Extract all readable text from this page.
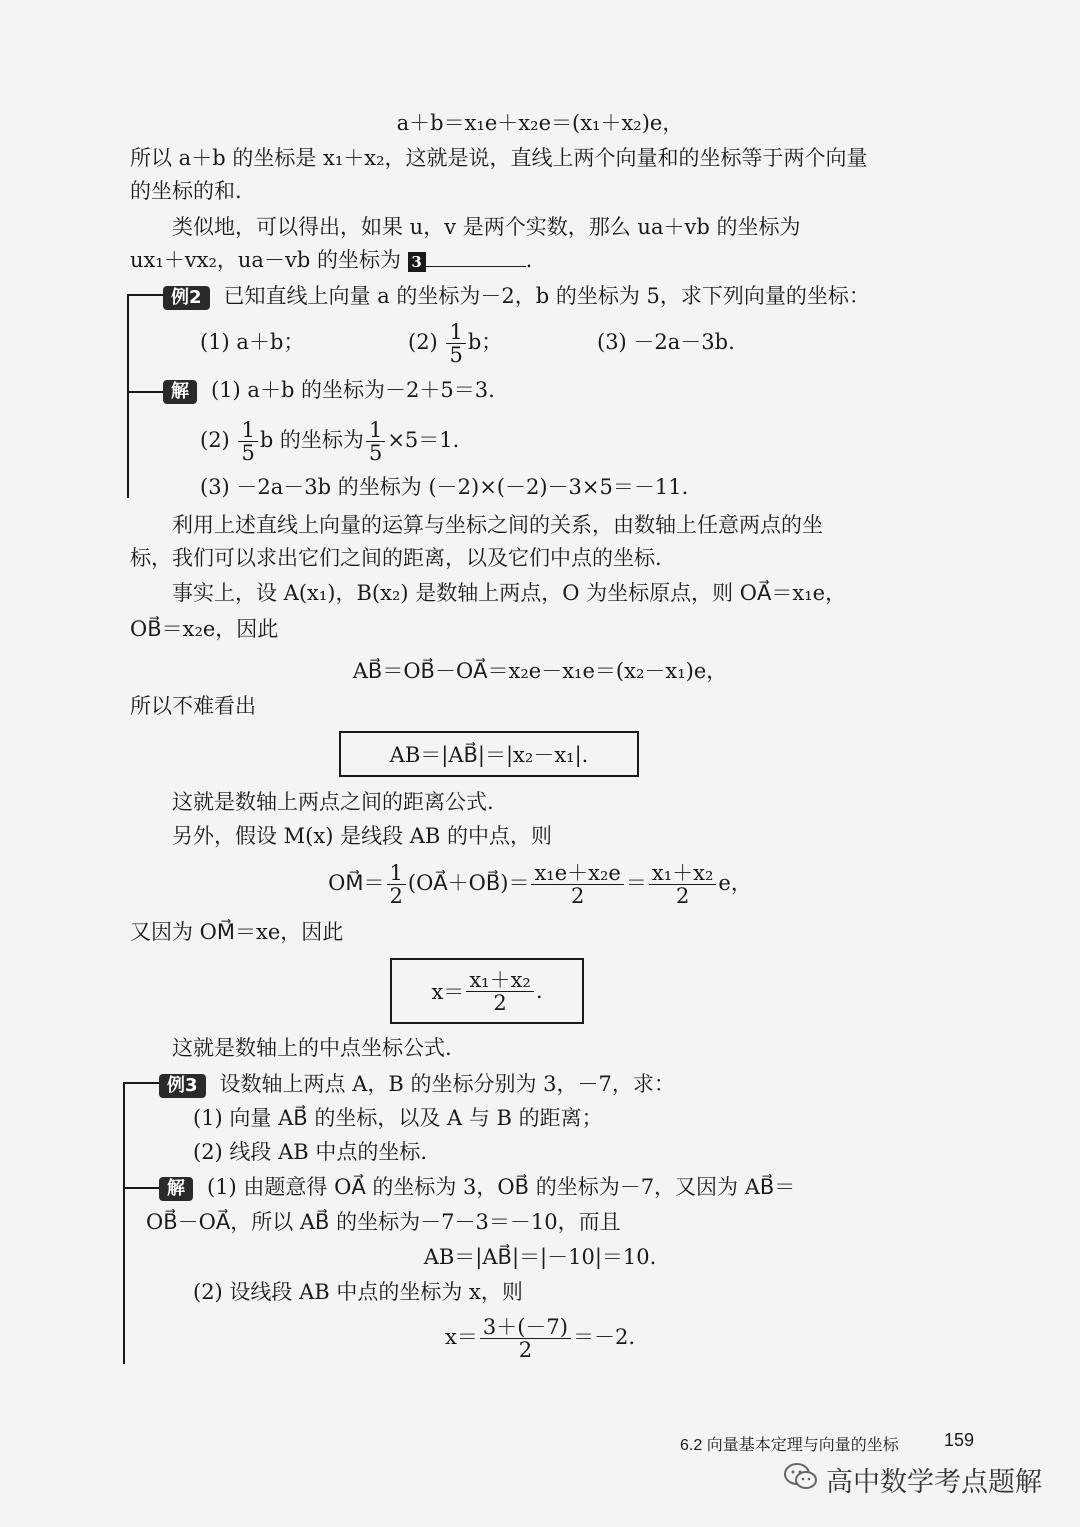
a＋b＝x₁e＋x₂e＝(x₁＋x₂)e，
所以 a＋b 的坐标是 x₁＋x₂，这就是说，直线上两个向量和的坐标等于两个向量
的坐标的和.
类似地，可以得出，如果 u，v 是两个实数，那么 ua＋vb 的坐标为
ux₁＋vx₂，ua－vb 的坐标为 3	.
例2 已知直线上向量 a 的坐标为－2，b 的坐标为 5，求下列向量的坐标：
(1) a＋b；	$(2) \frac{1}{5}$ b；	(3) －2a－3b.
解 (1) a＋b 的坐标为－2＋5＝3.
$(2) \frac{1}{5}$ b 的坐标为 $\frac{1}{5} \times 5=1$.
(3) －2a－3b 的坐标为 (－2)×(－2)－3×5＝－11.
利用上述直线上向量的运算与坐标之间的关系，由数轴上任意两点的坐
标，我们可以求出它们之间的距离，以及它们中点的坐标.
事实上，设 A(x₁)，B(x₂) 是数轴上两点，O 为坐标原点，则 OA⃗＝x₁e，
OB⃗＝x₂e，因此
AB⃗＝OB⃗－OA⃗＝x₂e－x₁e＝(x₂－x₁)e，
所以不难看出
AB＝|AB⃗|＝|x₂－x₁|.
这就是数轴上两点之间的距离公式.
另外，假设 M(x) 是线段 AB 的中点，则
OM⃗＝ $\frac{1}{2}$ (OA⃗＋OB⃗)＝ $\frac{\text{x₁e＋x₂e}}{2} = \frac{\text{x₁＋x₂}}{2}$ e，
又因为 OM⃗＝xe，因此
$x= \frac{\text{x₁＋x₂}}{2}$ .
这就是数轴上的中点坐标公式.
例3 设数轴上两点 A，B 的坐标分别为 3，－7，求：
(1) 向量 AB⃗ 的坐标，以及 A 与 B 的距离；
(2) 线段 AB 中点的坐标.
解 (1) 由题意得 OA⃗ 的坐标为 3，OB⃗ 的坐标为－7，又因为 AB⃗＝
OB⃗－OA⃗，所以 AB⃗ 的坐标为－7－3＝－10，而且
AB＝|AB⃗|＝|－10|＝10.
(2) 设线段 AB 中点的坐标为 x，则
$x= \frac{3+(-7)}{2} =-2$.
6.2 向量基本定理与向量的坐标	159
高中数学考点题解
